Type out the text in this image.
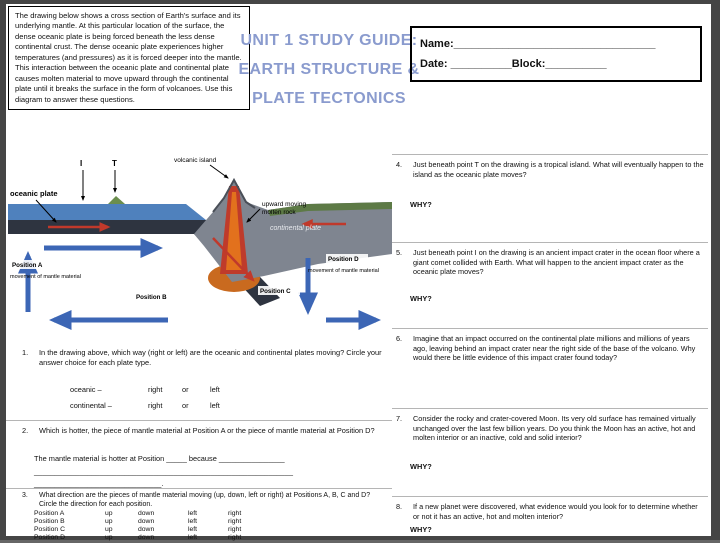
The drawing below shows a cross section of Earth's surface and its underlying mantle. At this particular location of the surface, the dense oceanic plate is being forced beneath the less dense continental crust. The dense oceanic plate experiences higher temperatures (and pressures) as it is forced deeper into the mantle. This interaction between the oceanic plate and continental plate causes molten material to move upward through the continental plate until it breaks the surface in the form of volcanoes. Use this diagram to answer these questions.
UNIT 1 STUDY GUIDE:
EARTH STRUCTURE &
PLATE TECTONICS
Name:_________________________________
Date: __________Block:__________
I	T	volcanic island
oceanic plate
continental plate
upward moving
molten rock
Position A
movement of mantle material
Position B
Position C
Position D
movement of mantle material
1.	In the drawing above, which way (right or left) are the oceanic and continental plates moving? Circle your answer choice for each plate type.
oceanic –	right	or	left
continental –	right	or	left
2.	Which is hotter, the piece of mantle material at Position A or the piece of mantle material at Position D?
The mantle material is hotter at Position _____ because ________________
_______________________________________________________________
_______________________________.
3.	What direction are the pieces of mantle material moving (up, down, left or right) at Positions A, B, C and D? Circle the direction for each position.
Position A	up	down	left	right
Position B	up	down	left	right
Position C	up	down	left	right
Position D	up	down	left	right
4.	Just beneath point T on the drawing is a tropical island. What will eventually happen to the island as the oceanic plate moves?
WHY?
5.	Just beneath point I on the drawing is an ancient impact crater in the ocean floor where a giant comet collided with Earth. What will happen to the ancient impact crater as the oceanic plate moves?
WHY?
6.	Imagine that an impact occurred on the continental plate millions and millions of years ago, leaving behind an impact crater near the right side of the base of the volcano. Why would there be little evidence of this impact crater found today?
7.	Consider the rocky and crater-covered Moon. Its very old surface has remained virtually unchanged over the last few billion years. Do you think the Moon has an active, hot and molten interior or an inactive, cold and solid interior?
WHY?
8.	If a new planet were discovered, what evidence would you look for to determine whether or not it has an active, hot and molten interior?
WHY?
